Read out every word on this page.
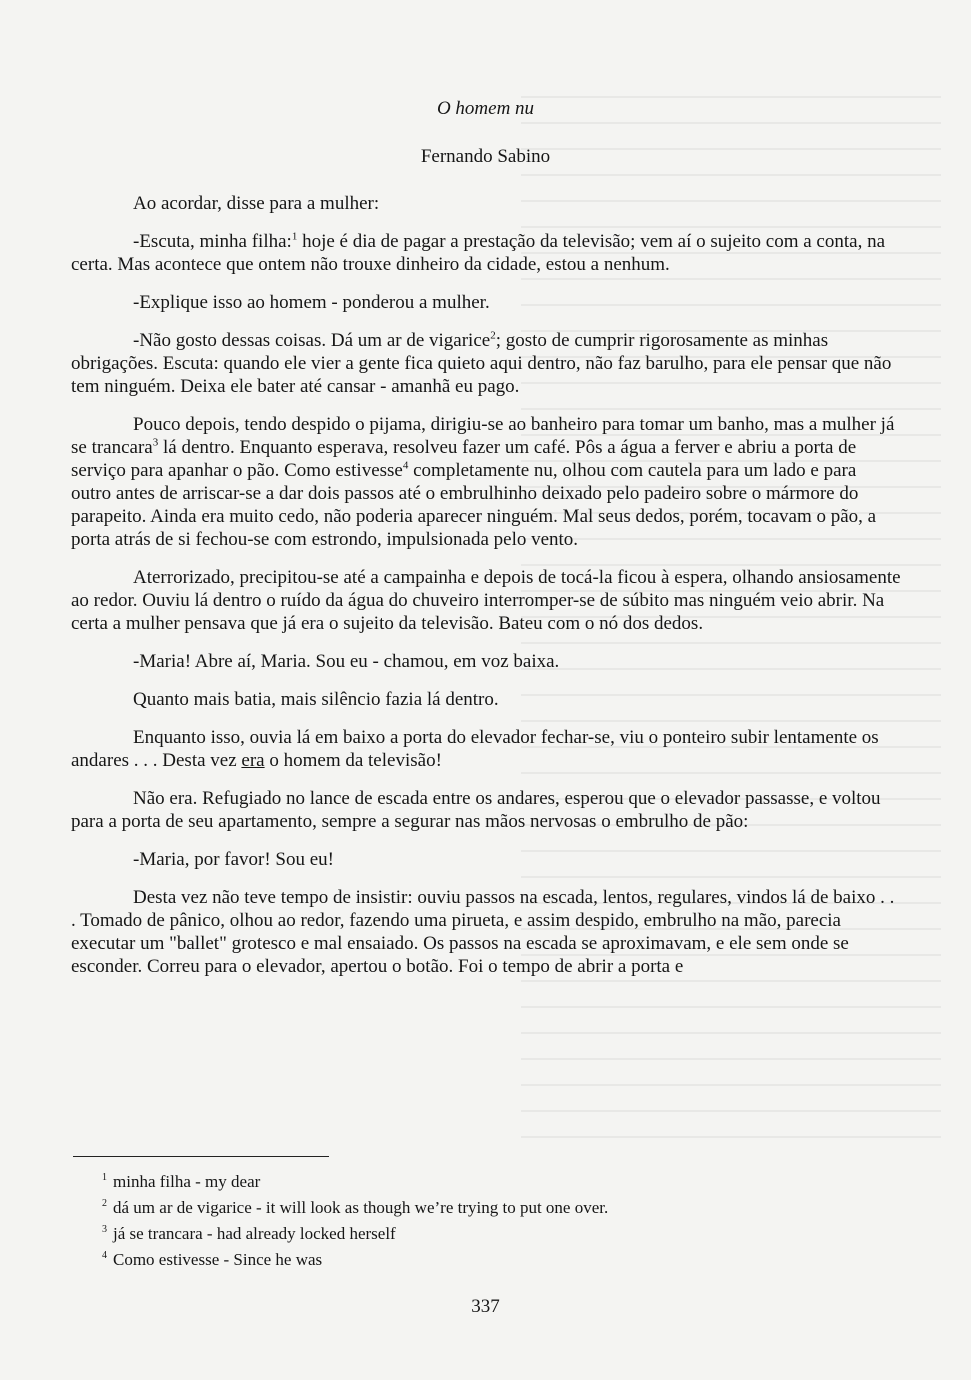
O homem nu
Fernando Sabino

Ao acordar, disse para a mulher:

-Escuta, minha filha:$^1$ hoje é dia de pagar a prestação da televisão; vem aí o sujeito com a conta, na certa. Mas acontece que ontem não trouxe dinheiro da cidade, estou a nenhum.

-Explique isso ao homem - ponderou a mulher.

-Não gosto dessas coisas. Dá um ar de vigarice$^2$; gosto de cumprir rigorosamente as minhas obrigações. Escuta: quando ele vier a gente fica quieto aqui dentro, não faz barulho, para ele pensar que não tem ninguém. Deixa ele bater até cansar - amanhã eu pago.

Pouco depois, tendo despido o pijama, dirigiu-se ao banheiro para tomar um banho, mas a mulher já se trancara$^3$ lá dentro. Enquanto esperava, resolveu fazer um café. Pôs a água a ferver e abriu a porta de serviço para apanhar o pão. Como estivesse$^4$ completamente nu, olhou com cautela para um lado e para outro antes de arriscar-se a dar dois passos até o embrulhinho deixado pelo padeiro sobre o mármore do parapeito. Ainda era muito cedo, não poderia aparecer ninguém. Mal seus dedos, porém, tocavam o pão, a porta atrás de si fechou-se com estrondo, impulsionada pelo vento.

Aterrorizado, precipitou-se até a campainha e depois de tocá-la ficou à espera, olhando ansiosamente ao redor. Ouviu lá dentro o ruído da água do chuveiro interromper-se de súbito mas ninguém veio abrir. Na certa a mulher pensava que já era o sujeito da televisão. Bateu com o nó dos dedos.

-Maria! Abre aí, Maria. Sou eu - chamou, em voz baixa.

Quanto mais batia, mais silêncio fazia lá dentro.

Enquanto isso, ouvia lá em baixo a porta do elevador fechar-se, viu o ponteiro subir lentamente os andares . . . Desta vez era o homem da televisão!

Não era. Refugiado no lance de escada entre os andares, esperou que o elevador passasse, e voltou para a porta de seu apartamento, sempre a segurar nas mãos nervosas o embrulho de pão:

-Maria, por favor! Sou eu!

Desta vez não teve tempo de insistir: ouviu passos na escada, lentos, regulares, vindos lá de baixo . . . Tomado de pânico, olhou ao redor, fazendo uma pirueta, e assim despido, embrulho na mão, parecia executar um "ballet" grotesco e mal ensaiado. Os passos na escada se aproximavam, e ele sem onde se esconder. Correu para o elevador, apertou o botão. Foi o tempo de abrir a porta e

$^1$ minha filha - my dear

$^2$ dá um ar de vigarice - it will look as though we’re trying to put one over.

$^3$ já se trancara - had already locked herself

$^4$ Como estivesse - Since he was

337
